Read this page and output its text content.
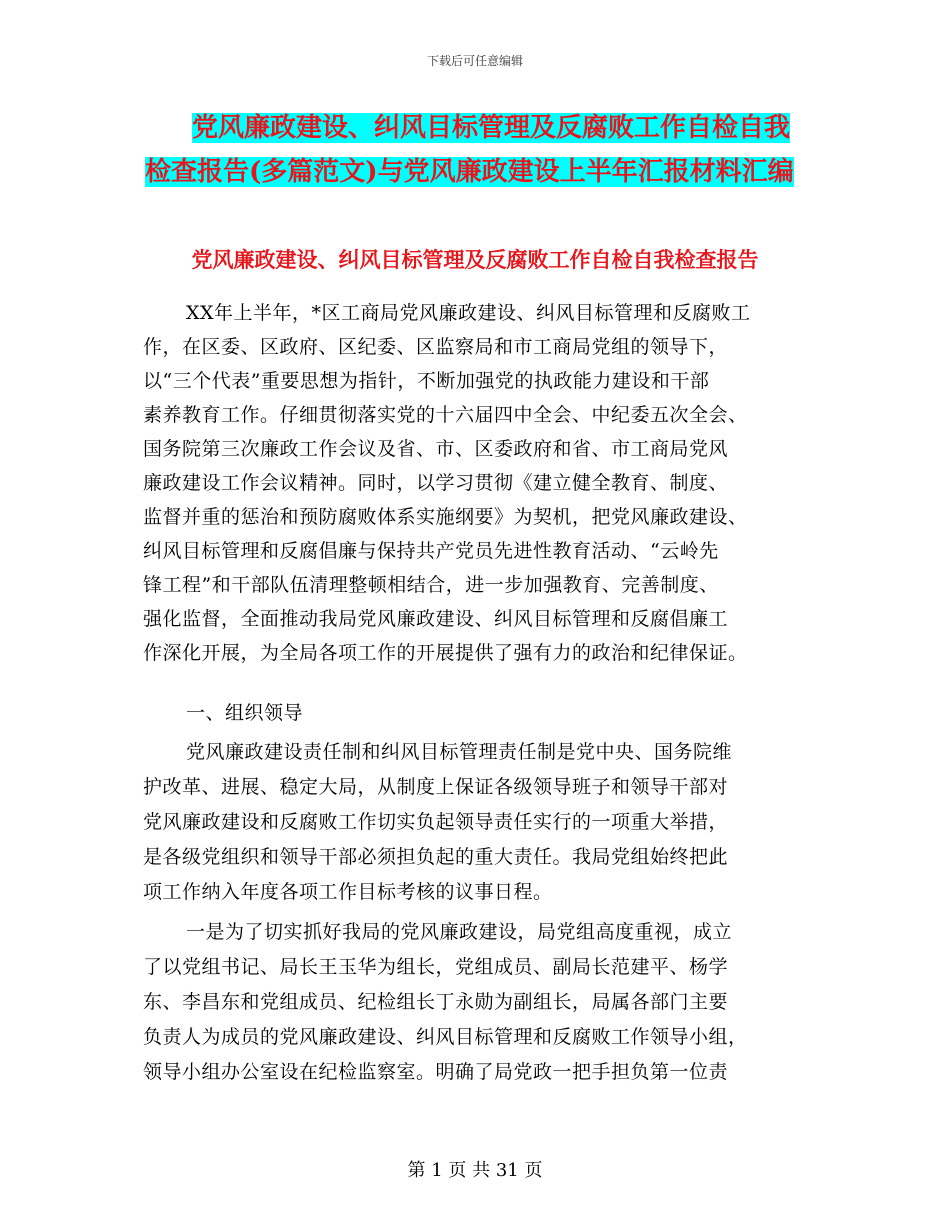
下载后可任意编辑
党风廉政建设、纠风目标管理及反腐败工作自检自我
检查报告(多篇范文)与党风廉政建设上半年汇报材料汇编
党风廉政建设、纠风目标管理及反腐败工作自检自我检查报告
XX年上半年，*区工商局党风廉政建设、纠风目标管理和反腐败工
作，在区委、区政府、区纪委、区监察局和市工商局党组的领导下，
以“三个代表”重要思想为指针，不断加强党的执政能力建设和干部
素养教育工作。仔细贯彻落实党的十六届四中全会、中纪委五次全会、
国务院第三次廉政工作会议及省、市、区委政府和省、市工商局党风
廉政建设工作会议精神。同时，以学习贯彻《建立健全教育、制度、
监督并重的惩治和预防腐败体系实施纲要》为契机，把党风廉政建设、
纠风目标管理和反腐倡廉与保持共产党员先进性教育活动、“云岭先
锋工程”和干部队伍清理整顿相结合，进一步加强教育、完善制度、
强化监督，全面推动我局党风廉政建设、纠风目标管理和反腐倡廉工
作深化开展，为全局各项工作的开展提供了强有力的政治和纪律保证。
一、组织领导
党风廉政建设责任制和纠风目标管理责任制是党中央、国务院维
护改革、进展、稳定大局，从制度上保证各级领导班子和领导干部对
党风廉政建设和反腐败工作切实负起领导责任实行的一项重大举措，
是各级党组织和领导干部必须担负起的重大责任。我局党组始终把此
项工作纳入年度各项工作目标考核的议事日程。
一是为了切实抓好我局的党风廉政建设，局党组高度重视，成立
了以党组书记、局长王玉华为组长，党组成员、副局长范建平、杨学
东、李昌东和党组成员、纪检组长丁永勋为副组长，局属各部门主要
负责人为成员的党风廉政建设、纠风目标管理和反腐败工作领导小组，
领导小组办公室设在纪检监察室。明确了局党政一把手担负第一位责
第 1 页 共 31 页
